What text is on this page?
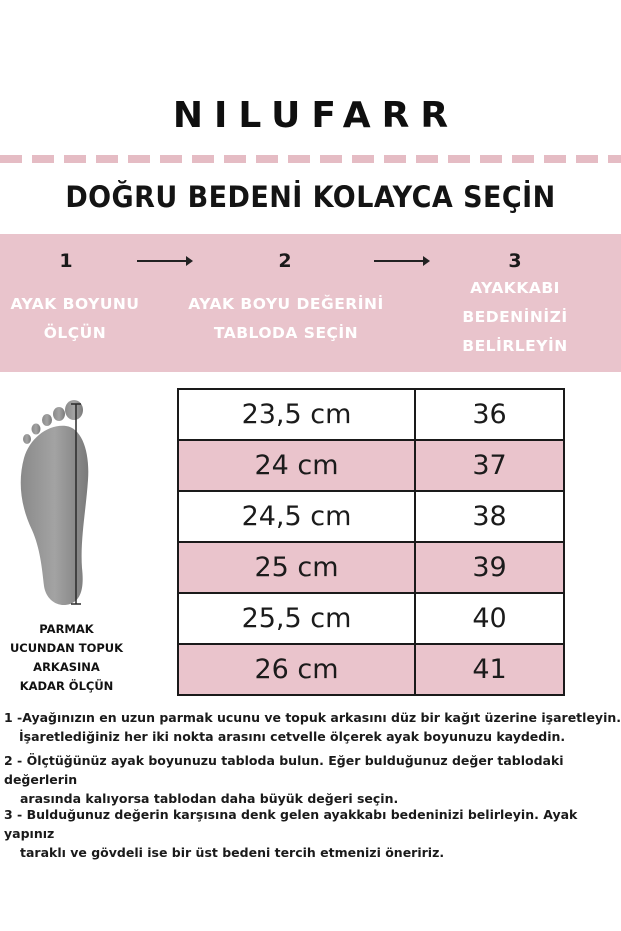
NILUFARR
DOĞRU BEDENİ KOLAYCA SEÇİN
1	2	3
AYAK BOYUNU
ÖLÇÜN
AYAK BOYU DEĞERİNİ
TABLODA SEÇİN
AYAKKABI
BEDENİNİZİ
BELİRLEYİN
PARMAK
UCUNDAN TOPUK
ARKASINA
KADAR ÖLÇÜN
23,5 cm	36
24 cm	37
24,5 cm	38
25 cm	39
25,5 cm	40
26 cm	41
1 -Ayağınızın en uzun parmak ucunu ve topuk arkasını düz bir kağıt üzerine işaretleyin.
İşaretlediğiniz her iki nokta arasını cetvelle ölçerek ayak boyunuzu kaydedin.
2 - Ölçtüğünüz ayak boyunuzu tabloda bulun. Eğer bulduğunuz değer tablodaki değerlerin
arasında kalıyorsa tablodan daha büyük değeri seçin.
3 - Bulduğunuz değerin karşısına denk gelen ayakkabı bedeninizi belirleyin. Ayak yapınız
taraklı ve gövdeli ise bir üst bedeni tercih etmenizi öneririz.
